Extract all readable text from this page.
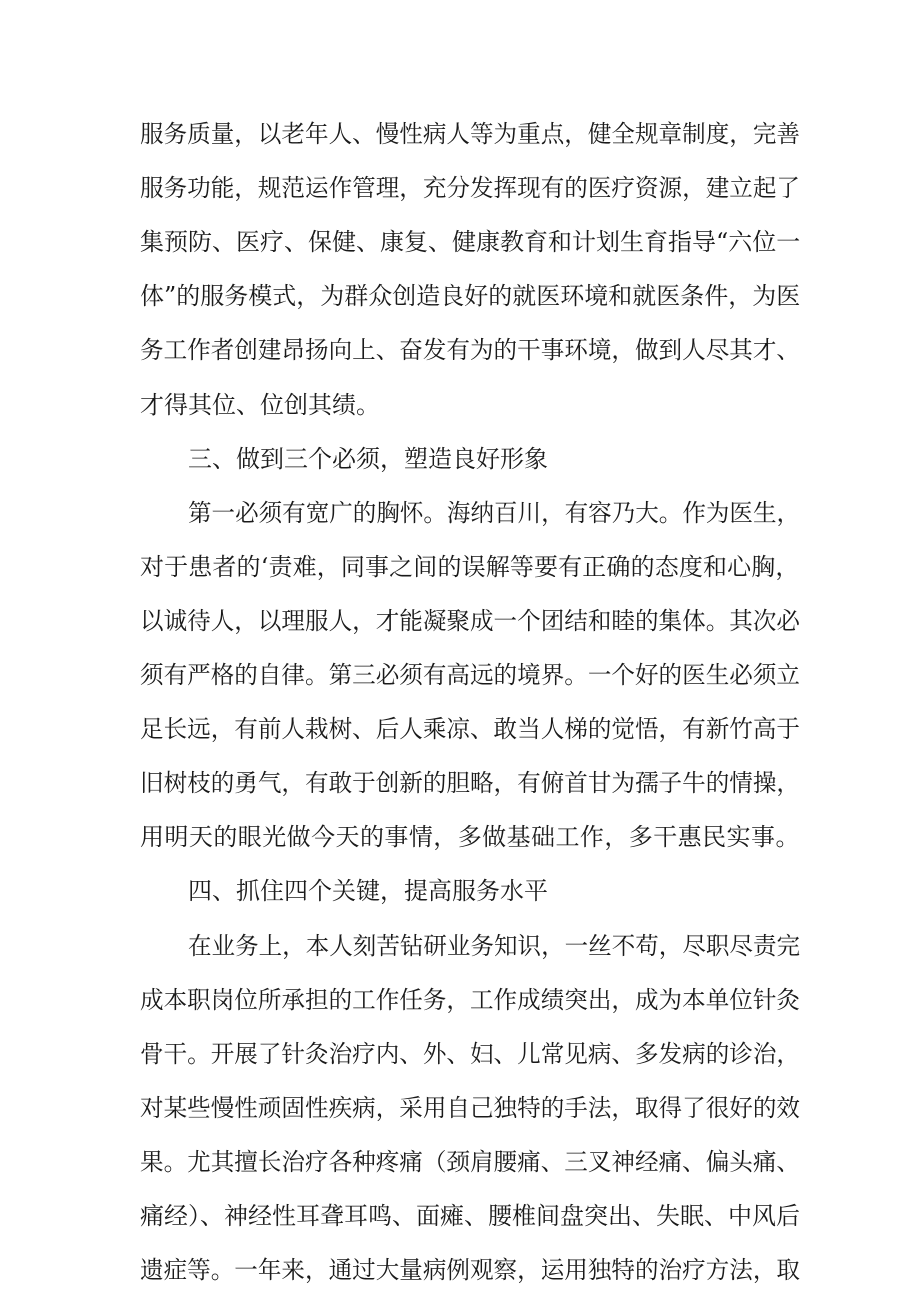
服务质量，以老年人、慢性病人等为重点，健全规章制度，完善
服务功能，规范运作管理，充分发挥现有的医疗资源，建立起了
集预防、医疗、保健、康复、健康教育和计划生育指导“六位一
体”的服务模式，为群众创造良好的就医环境和就医条件，为医
务工作者创建昂扬向上、奋发有为的干事环境，做到人尽其才、
才得其位、位创其绩。
三、做到三个必须，塑造良好形象
第一必须有宽广的胸怀。海纳百川，有容乃大。作为医生，
对于患者的‘责难，同事之间的误解等要有正确的态度和心胸，
以诚待人，以理服人，才能凝聚成一个团结和睦的集体。其次必
须有严格的自律。第三必须有高远的境界。一个好的医生必须立
足长远，有前人栽树、后人乘凉、敢当人梯的觉悟，有新竹高于
旧树枝的勇气，有敢于创新的胆略，有俯首甘为孺子牛的情操，
用明天的眼光做今天的事情，多做基础工作，多干惠民实事。
四、抓住四个关键，提高服务水平
在业务上，本人刻苦钻研业务知识，一丝不苟，尽职尽责完
成本职岗位所承担的工作任务，工作成绩突出，成为本单位针灸
骨干。开展了针灸治疗内、外、妇、儿常见病、多发病的诊治，
对某些慢性顽固性疾病，采用自己独特的手法，取得了很好的效
果。尤其擅长治疗各种疼痛（颈肩腰痛、三叉神经痛、偏头痛、
痛经）、神经性耳聋耳鸣、面瘫、腰椎间盘突出、失眠、中风后
遗症等。一年来，通过大量病例观察，运用独特的治疗方法，取
